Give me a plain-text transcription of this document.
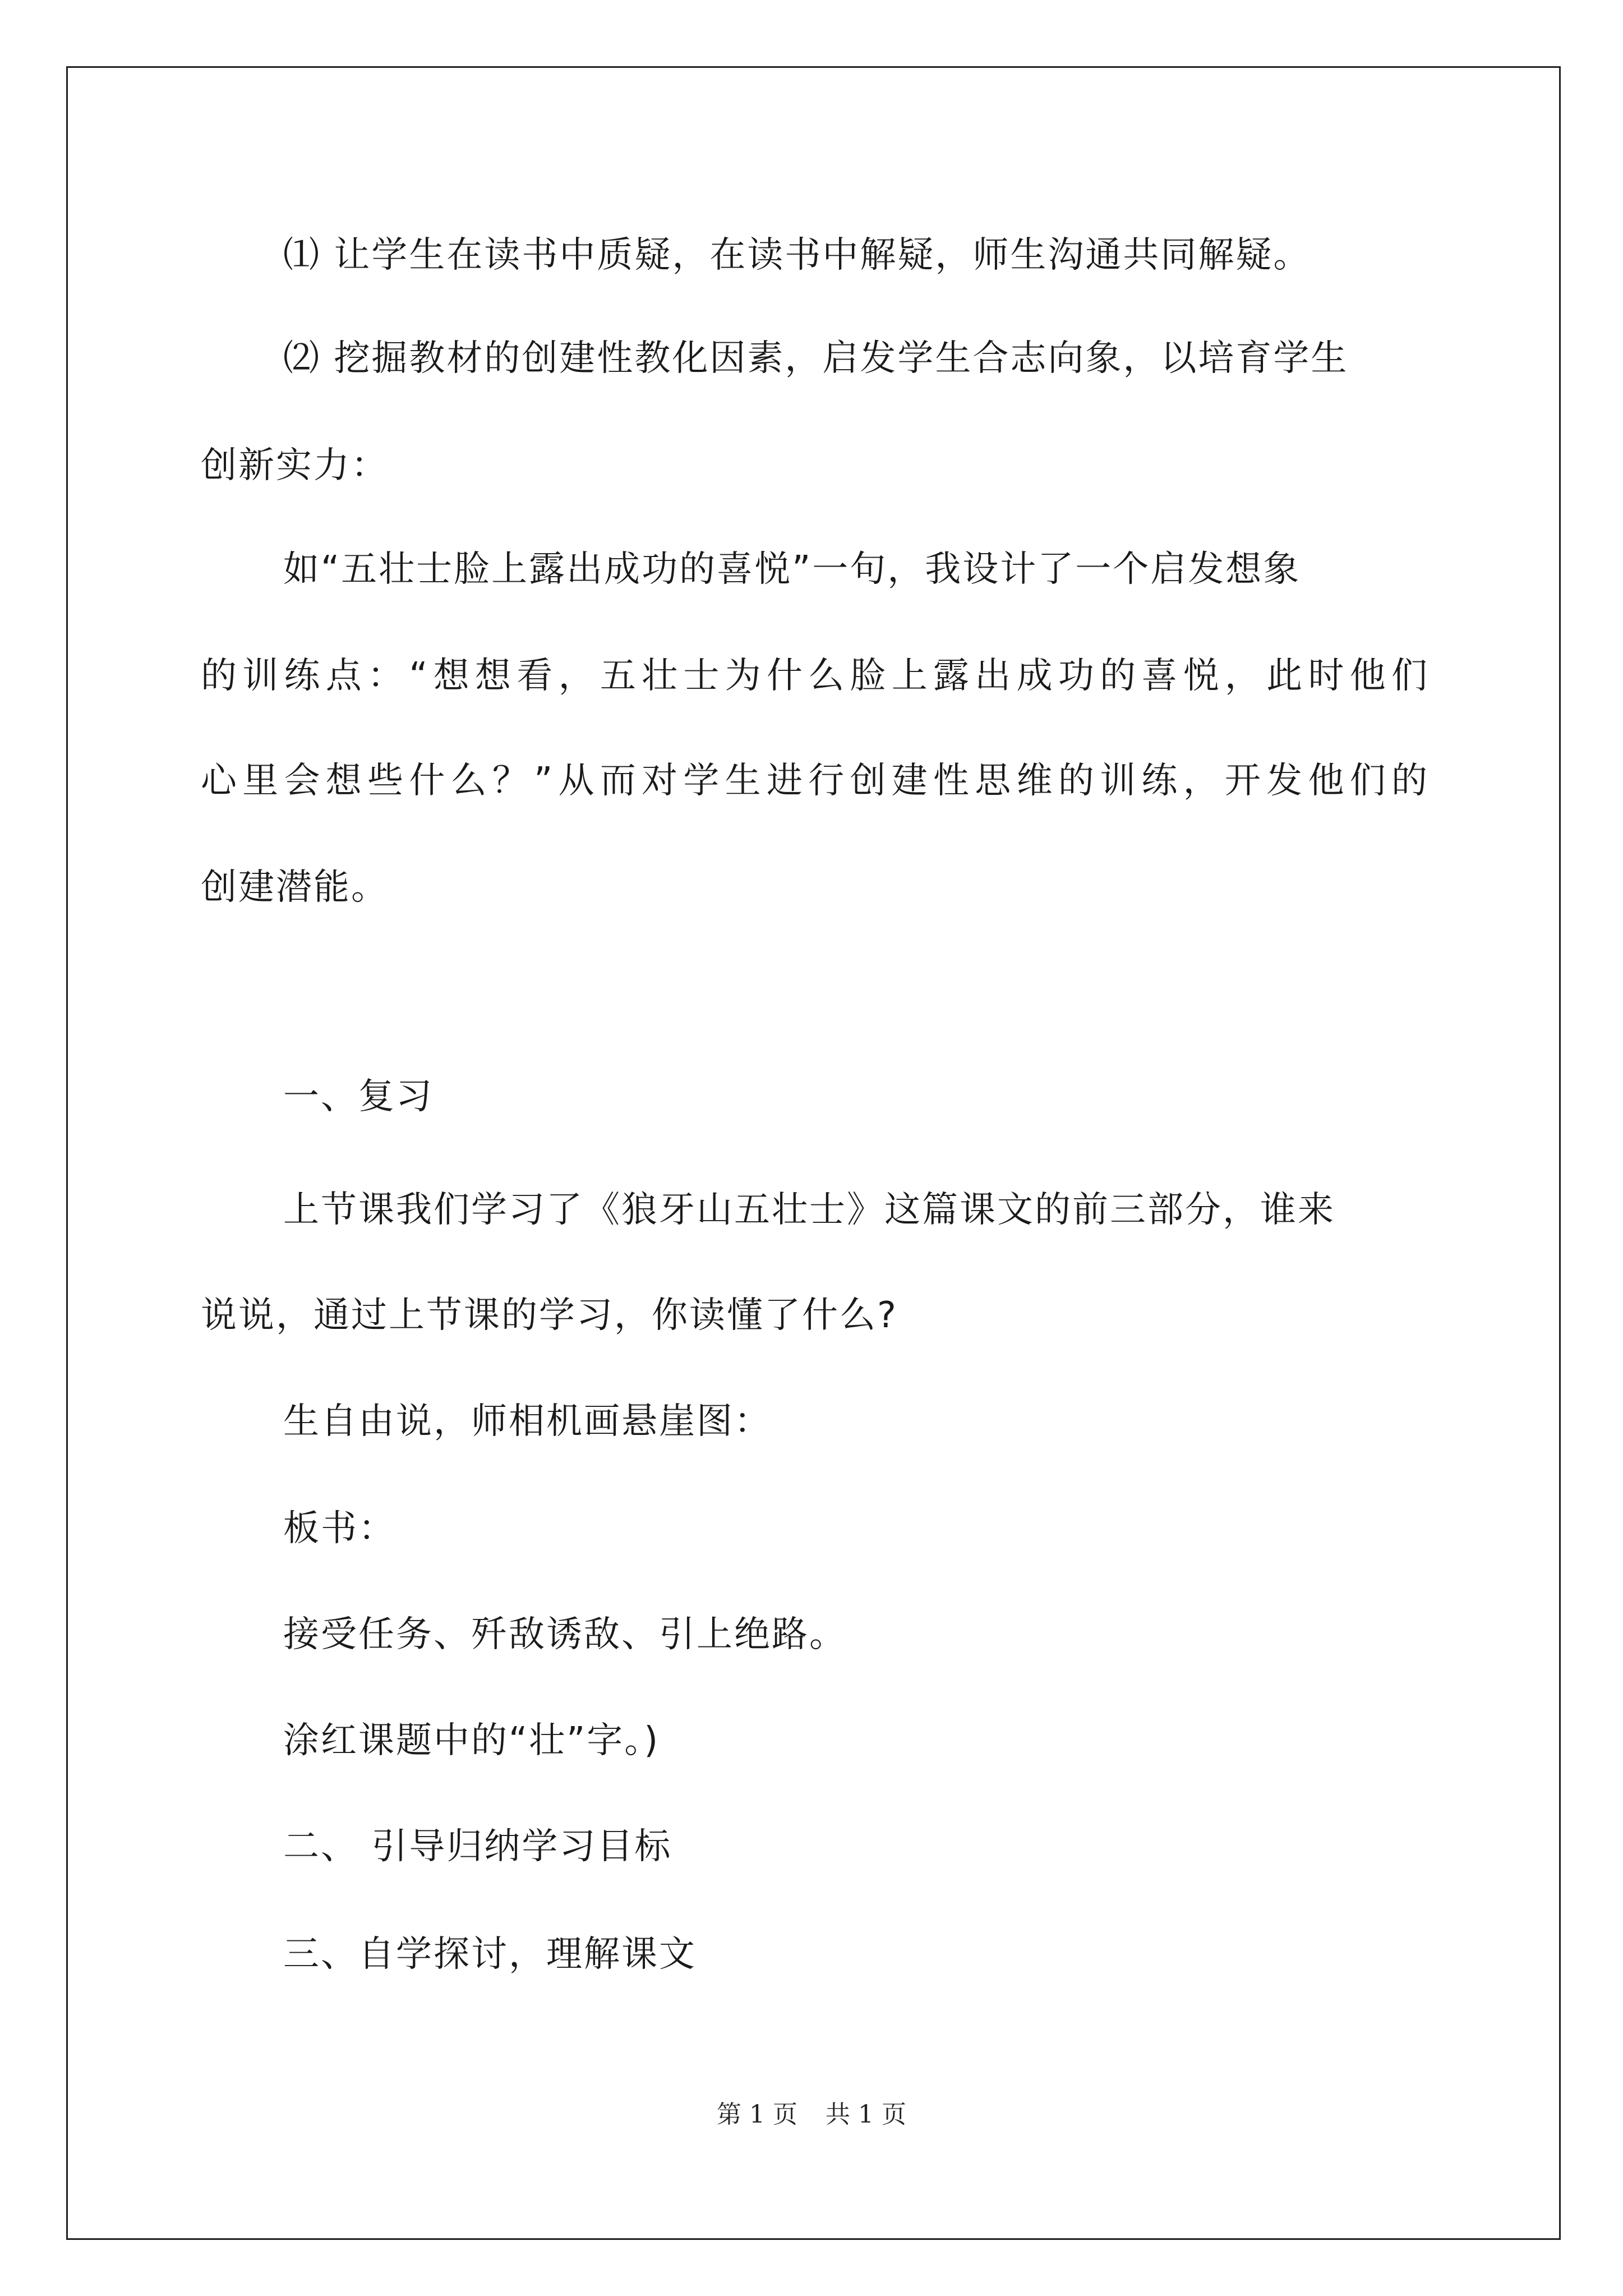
⑴ 让学生在读书中质疑，在读书中解疑，师生沟通共同解疑。
⑵ 挖掘教材的创建性教化因素，启发学生合志向象，以培育学生
创新实力：
如“五壮士脸上露出成功的喜悦”一句，我设计了一个启发想象
的训练点：“想想看，五壮士为什么脸上露出成功的喜悦，此时他们
心里会想些什么？”从而对学生进行创建性思维的训练，开发他们的
创建潜能。
一、复习
上节课我们学习了《狼牙山五壮士》这篇课文的前三部分，谁来
说说，通过上节课的学习，你读懂了什么?
生自由说，师相机画悬崖图：
板书：
接受任务、歼敌诱敌、引上绝路。
涂红课题中的“壮”字。)
二、 引导归纳学习目标
三、自学探讨，理解课文
第 1 页 共 1 页
